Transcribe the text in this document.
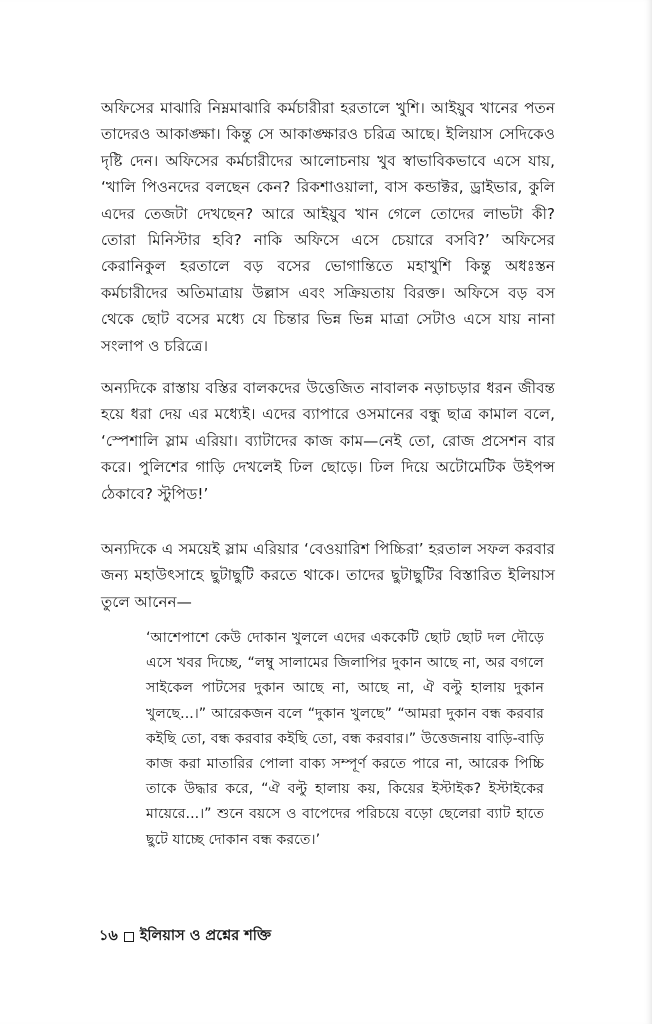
অফিসের মাঝারি নিম্নমাঝারি কর্মচারীরা হরতালে খুশি। আইয়ুব খানের পতন তাদেরও আকাঙ্ক্ষা। কিন্তু সে আকাঙ্ক্ষারও চরিত্র আছে। ইলিয়াস সেদিকেও দৃষ্টি দেন। অফিসের কর্মচারীদের আলোচনায় খুব স্বাভাবিকভাবে এসে যায়, ‘খালি পিওনদের বলছেন কেন? রিকশাওয়ালা, বাস কন্ডাক্টর, ড্রাইভার, কুলি এদের তেজটা দেখছেন? আরে আইয়ুব খান গেলে তোদের লাভটা কী? তোরা মিনিস্টার হবি? নাকি অফিসে এসে চেয়ারে বসবি?’ অফিসের কেরানিকুল হরতালে বড় বসের ভোগান্তিতে মহাখুশি কিন্তু অধঃস্তন কর্মচারীদের অতিমাত্রায় উল্লাস এবং সক্রিয়তায় বিরক্ত। অফিসে বড় বস থেকে ছোট বসের মধ্যে যে চিন্তার ভিন্ন ভিন্ন মাত্রা সেটাও এসে যায় নানা সংলাপ ও চরিত্রে।

অন্যদিকে রাস্তায় বস্তির বালকদের উত্তেজিত নাবালক নড়াচড়ার ধরন জীবন্ত হয়ে ধরা দেয় এর মধ্যেই। এদের ব্যাপারে ওসমানের বন্ধু ছাত্র কামাল বলে, ‘স্পেশালি স্লাম এরিয়া। ব্যাটাদের কাজ কাম—নেই তো, রোজ প্রসেশন বার করে। পুলিশের গাড়ি দেখলেই ঢিল ছোড়ে। ঢিল দিয়ে অটোমেটিক উইপন্স ঠেকাবে? স্টুপিড!’

অন্যদিকে এ সময়েই স্লাম এরিয়ার ‘বেওয়ারিশ পিচ্চিরা’ হরতাল সফল করবার জন্য মহাউৎসাহে ছুটাছুটি করতে থাকে। তাদের ছুটাছুটির বিস্তারিত ইলিয়াস তুলে আনেন—

‘আশেপাশে কেউ দোকান খুললে এদের এককেটি ছোট ছোট দল দৌড়ে এসে খবর দিচ্ছে, “লম্বু সালামের জিলাপির দুকান আছে না, অর বগলে সাইকেল পাটসের দুকান আছে না, আছে না, ঐ বল্টু হালায় দুকান খুলছে...।” আরেকজন বলে “দুকান খুলছে” “আমরা দুকান বন্ধ করবার কইছি তো, বন্ধ করবার কইছি তো, বন্ধ করবার।” উত্তেজনায় বাড়ি-বাড়ি কাজ করা মাতারির পোলা বাক্য সম্পূর্ণ করতে পারে না, আরেক পিচ্চি তাকে উদ্ধার করে, “ঐ বল্টু হালায় কয়, কিয়ের ইস্টাইক? ইস্টাইকের মায়েরে...।” শুনে বয়সে ও বাপেদের পরিচয়ে বড়ো ছেলেরা ব্যাট হাতে ছুটে যাচ্ছে দোকান বন্ধ করতে।’

১৬ ইলিয়াস ও প্রশ্নের শক্তি
